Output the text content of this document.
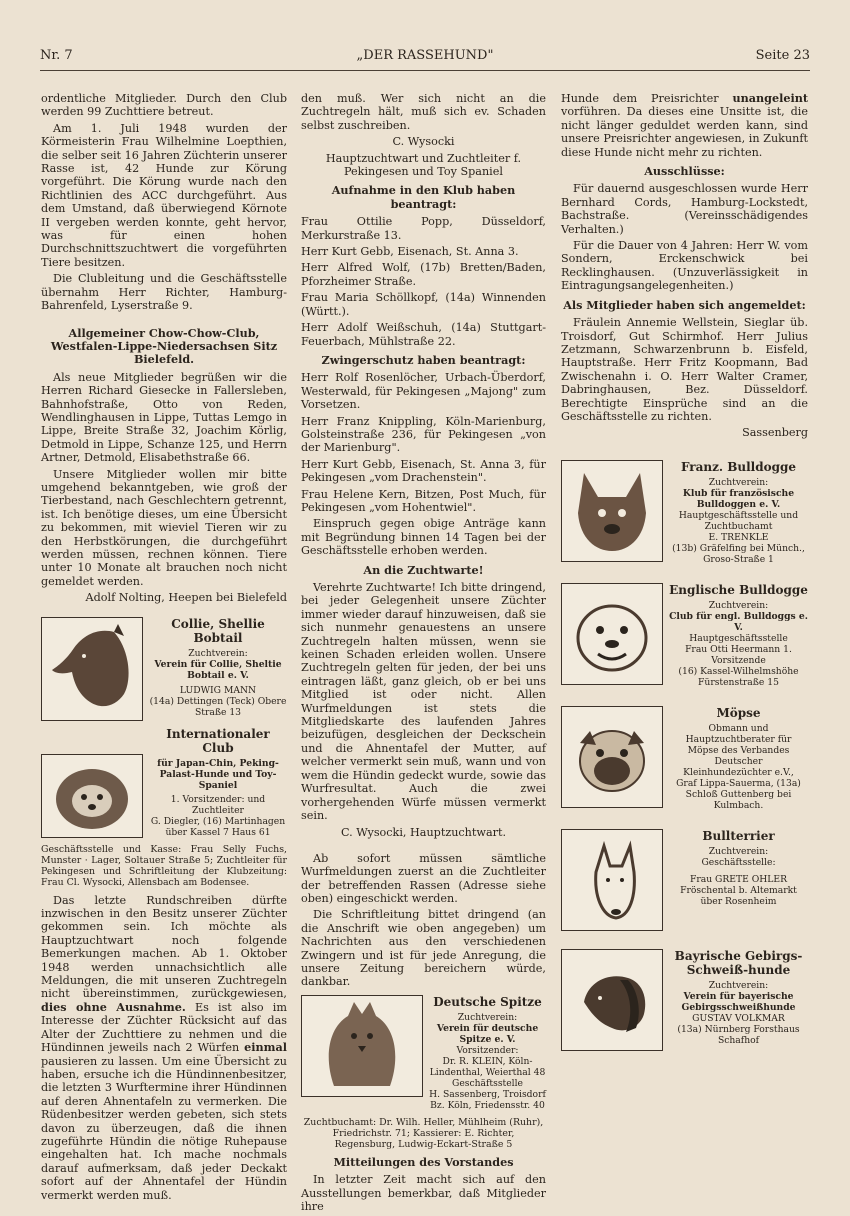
Nr. 7	„DER RASSEHUND"	Seite 23

ordentliche Mitglieder. Durch den Club werden 99 Zuchttiere betreut.

Am 1. Juli 1948 wurden der Körmeisterin Frau Wilhelmine Loepthien, die selber seit 16 Jahren Züchterin unserer Rasse ist, 42 Hunde zur Körung vorgeführt. Die Körung wurde nach den Richtlinien des ACC durchgeführt. Aus dem Umstand, daß überwiegend Körnote II vergeben werden konnte, geht hervor, was für einen hohen Durchschnittszuchtwert die vorgeführten Tiere besitzen.

Die Clubleitung und die Geschäftsstelle übernahm Herr Richter, Hamburg-Bahrenfeld, Lyserstraße 9.

Allgemeiner Chow-Chow-Club, Westfalen-Lippe-Niedersachsen Sitz Bielefeld.

Als neue Mitglieder begrüßen wir die Herren Richard Giesecke in Fallersleben, Bahnhofstraße, Otto von Reden, Wendlinghausen in Lippe, Tuttas Lemgo in Lippe, Breite Straße 32, Joachim Körlig, Detmold in Lippe, Schanze 125, und Herrn Artner, Detmold, Elisabethstraße 66.

Unsere Mitglieder wollen mir bitte umgehend bekanntgeben, wie groß der Tierbestand, nach Geschlechtern getrennt, ist. Ich benötige dieses, um eine Übersicht zu bekommen, mit wieviel Tieren wir zu den Herbstkörungen, die durchgeführt werden müssen, rechnen können. Tiere unter 10 Monate alt brauchen noch nicht gemeldet werden.

Adolf Nolting, Heepen bei Bielefeld

Collie, Shellie Bobtail
Zuchtverein:
Verein für Collie, Sheltie Bobtail e. V.
LUDWIG MANN
(14a) Dettingen (Teck) Obere Straße 13
Internationaler Club
für Japan-Chin, Peking-Palast-Hunde und Toy-Spaniel
1. Vorsitzender: und Zuchtleiter
G. Diegler, (16) Martinhagen über Kassel 7 Haus 61

Geschäftsstelle und Kasse: Frau Selly Fuchs, Munster · Lager, Soltauer Straße 5; Zuchtleiter für Pekingesen und Schriftleitung der Klubzeitung: Frau Cl. Wysocki, Allensbach am Bodensee.

Das letzte Rundschreiben dürfte inzwischen in den Besitz unserer Züchter gekommen sein. Ich möchte als Hauptzuchtwart noch folgende Bemerkungen machen. Ab 1. Oktober 1948 werden unnachsichtlich alle Meldungen, die mit unseren Zuchtregeln nicht übereinstimmen, zurückgewiesen, dies ohne Ausnahme. Es ist also im Interesse der Züchter Rücksicht auf das Alter der Zuchttiere zu nehmen und die Hündinnen jeweils nach 2 Würfen einmal pausieren zu lassen. Um eine Übersicht zu haben, ersuche ich die Hündinnenbesitzer, die letzten 3 Wurftermine ihrer Hündinnen auf deren Ahnentafeln zu vermerken. Die Rüdenbesitzer werden gebeten, sich stets davon zu überzeugen, daß die ihnen zugeführte Hündin die nötige Ruhepause eingehalten hat. Ich mache nochmals darauf aufmerksam, daß jeder Deckakt sofort auf der Ahnentafel der Hündin vermerkt werden muß.

den muß. Wer sich nicht an die Zuchtregeln hält, muß sich ev. Schaden selbst zuschreiben.

C. Wysocki

Hauptzuchtwart und Zuchtleiter f. Pekingesen und Toy Spaniel

Aufnahme in den Klub haben beantragt:

Frau Ottilie Popp, Düsseldorf, Merkurstraße 13.

Herr Kurt Gebb, Eisenach, St. Anna 3.

Herr Alfred Wolf, (17b) Bretten/Baden, Pforzheimer Straße.

Frau Maria Schöllkopf, (14a) Winnenden (Württ.).

Herr Adolf Weißschuh, (14a) Stuttgart-Feuerbach, Mühlstraße 22.

Zwingerschutz haben beantragt:

Herr Rolf Rosenlöcher, Urbach-Überdorf, Westerwald, für Pekingesen „Majong" zum Vorsetzen.

Herr Franz Knippling, Köln-Marienburg, Golsteinstraße 236, für Pekingesen „von der Marienburg".

Herr Kurt Gebb, Eisenach, St. Anna 3, für Pekingesen „vom Drachenstein".

Frau Helene Kern, Bitzen, Post Much, für Pekingesen „vom Hohentwiel".

Einspruch gegen obige Anträge kann mit Begründung binnen 14 Tagen bei der Geschäftsstelle erhoben werden.

An die Zuchtwarte!

Verehrte Zuchtwarte! Ich bitte dringend, bei jeder Gelegenheit unsere Züchter immer wieder darauf hinzuweisen, daß sie sich nunmehr genauestens an unsere Zuchtregeln halten müssen, wenn sie keinen Schaden erleiden wollen. Unsere Zuchtregeln gelten für jeden, der bei uns eintragen läßt, ganz gleich, ob er bei uns Mitglied ist oder nicht. Allen Wurfmeldungen ist stets die Mitgliedskarte des laufenden Jahres beizufügen, desgleichen der Deckschein und die Ahnentafel der Mutter, auf welcher vermerkt sein muß, wann und von wem die Hündin gedeckt wurde, sowie das Wurfresultat. Auch die zwei vorhergehenden Würfe müssen vermerkt sein.

C. Wysocki, Hauptzuchtwart.

Ab sofort müssen sämtliche Wurfmeldungen zuerst an die Zuchtleiter der betreffenden Rassen (Adresse siehe oben) eingeschickt werden.

Die Schriftleitung bittet dringend (an die Anschrift wie oben angegeben) um Nachrichten aus den verschiedenen Zwingern und ist für jede Anregung, die unsere Zeitung bereichern würde, dankbar.

Deutsche Spitze
Zuchtverein:
Verein für deutsche Spitze e. V.
Vorsitzender:
Dr. R. KLEIN, Köln-Lindenthal, Weierthal 48
Geschäftsstelle
H. Sassenberg, Troisdorf Bz. Köln, Friedensstr. 40

Zuchtbuchamt: Dr. Wilh. Heller, Mühlheim (Ruhr), Friedrichstr. 71; Kassierer: E. Richter, Regensburg, Ludwig-Eckart-Straße 5

Mitteilungen des Vorstandes

In letzter Zeit macht sich auf den Ausstellungen bemerkbar, daß Mitglieder ihre

Hunde dem Preisrichter unangeleint vorführen. Da dieses eine Unsitte ist, die nicht länger geduldet werden kann, sind unsere Preisrichter angewiesen, in Zukunft diese Hunde nicht mehr zu richten.

Ausschlüsse:

Für dauernd ausgeschlossen wurde Herr Bernhard Cords, Hamburg-Lockstedt, Bachstraße. (Vereinsschädigendes Verhalten.)

Für die Dauer von 4 Jahren: Herr W. vom Sondern, Erckenschwick bei Recklinghausen. (Unzuverlässigkeit in Eintragungsangelegenheiten.)

Als Mitglieder haben sich angemeldet:

Fräulein Annemie Wellstein, Sieglar üb. Troisdorf, Gut Schirmhof. Herr Julius Zetzmann, Schwarzenbrunn b. Eisfeld, Hauptstraße. Herr Fritz Koopmann, Bad Zwischenahn i. O. Herr Walter Cramer, Dabringhausen, Bez. Düsseldorf. Berechtigte Einsprüche sind an die Geschäftsstelle zu richten.

Sassenberg

Franz. Bulldogge
Zuchtverein:
Klub für französische Bulldoggen e. V.
Hauptgeschäftsstelle und Zuchtbuchamt
E. TRENKLE
(13b) Gräfelfing bei Münch., Groso-Straße 1
Englische Bulldogge
Zuchtverein:
Club für engl. Bulldoggs e. V.
Hauptgeschäftsstelle
Frau Otti Heermann 1. Vorsitzende
(16) Kassel-Wilhelmshöhe Fürstenstraße 15
Möpse
Obmann und Hauptzuchtberater für Möpse des Verbandes Deutscher Kleinhundezüchter e.V.,
Graf Lippa-Sauerma, (13a) Schloß Guttenberg bei Kulmbach.
Bullterrier
Zuchtverein:
Geschäftsstelle:
Frau GRETE OHLER
Fröschental b. Altemarkt über Rosenheim
Bayrische Gebirgs-Schweiß-hunde
Zuchtverein:
Verein für bayerische Gebirgsschweißhunde
GUSTAV VOLKMAR
(13a) Nürnberg Forsthaus Schafhof
